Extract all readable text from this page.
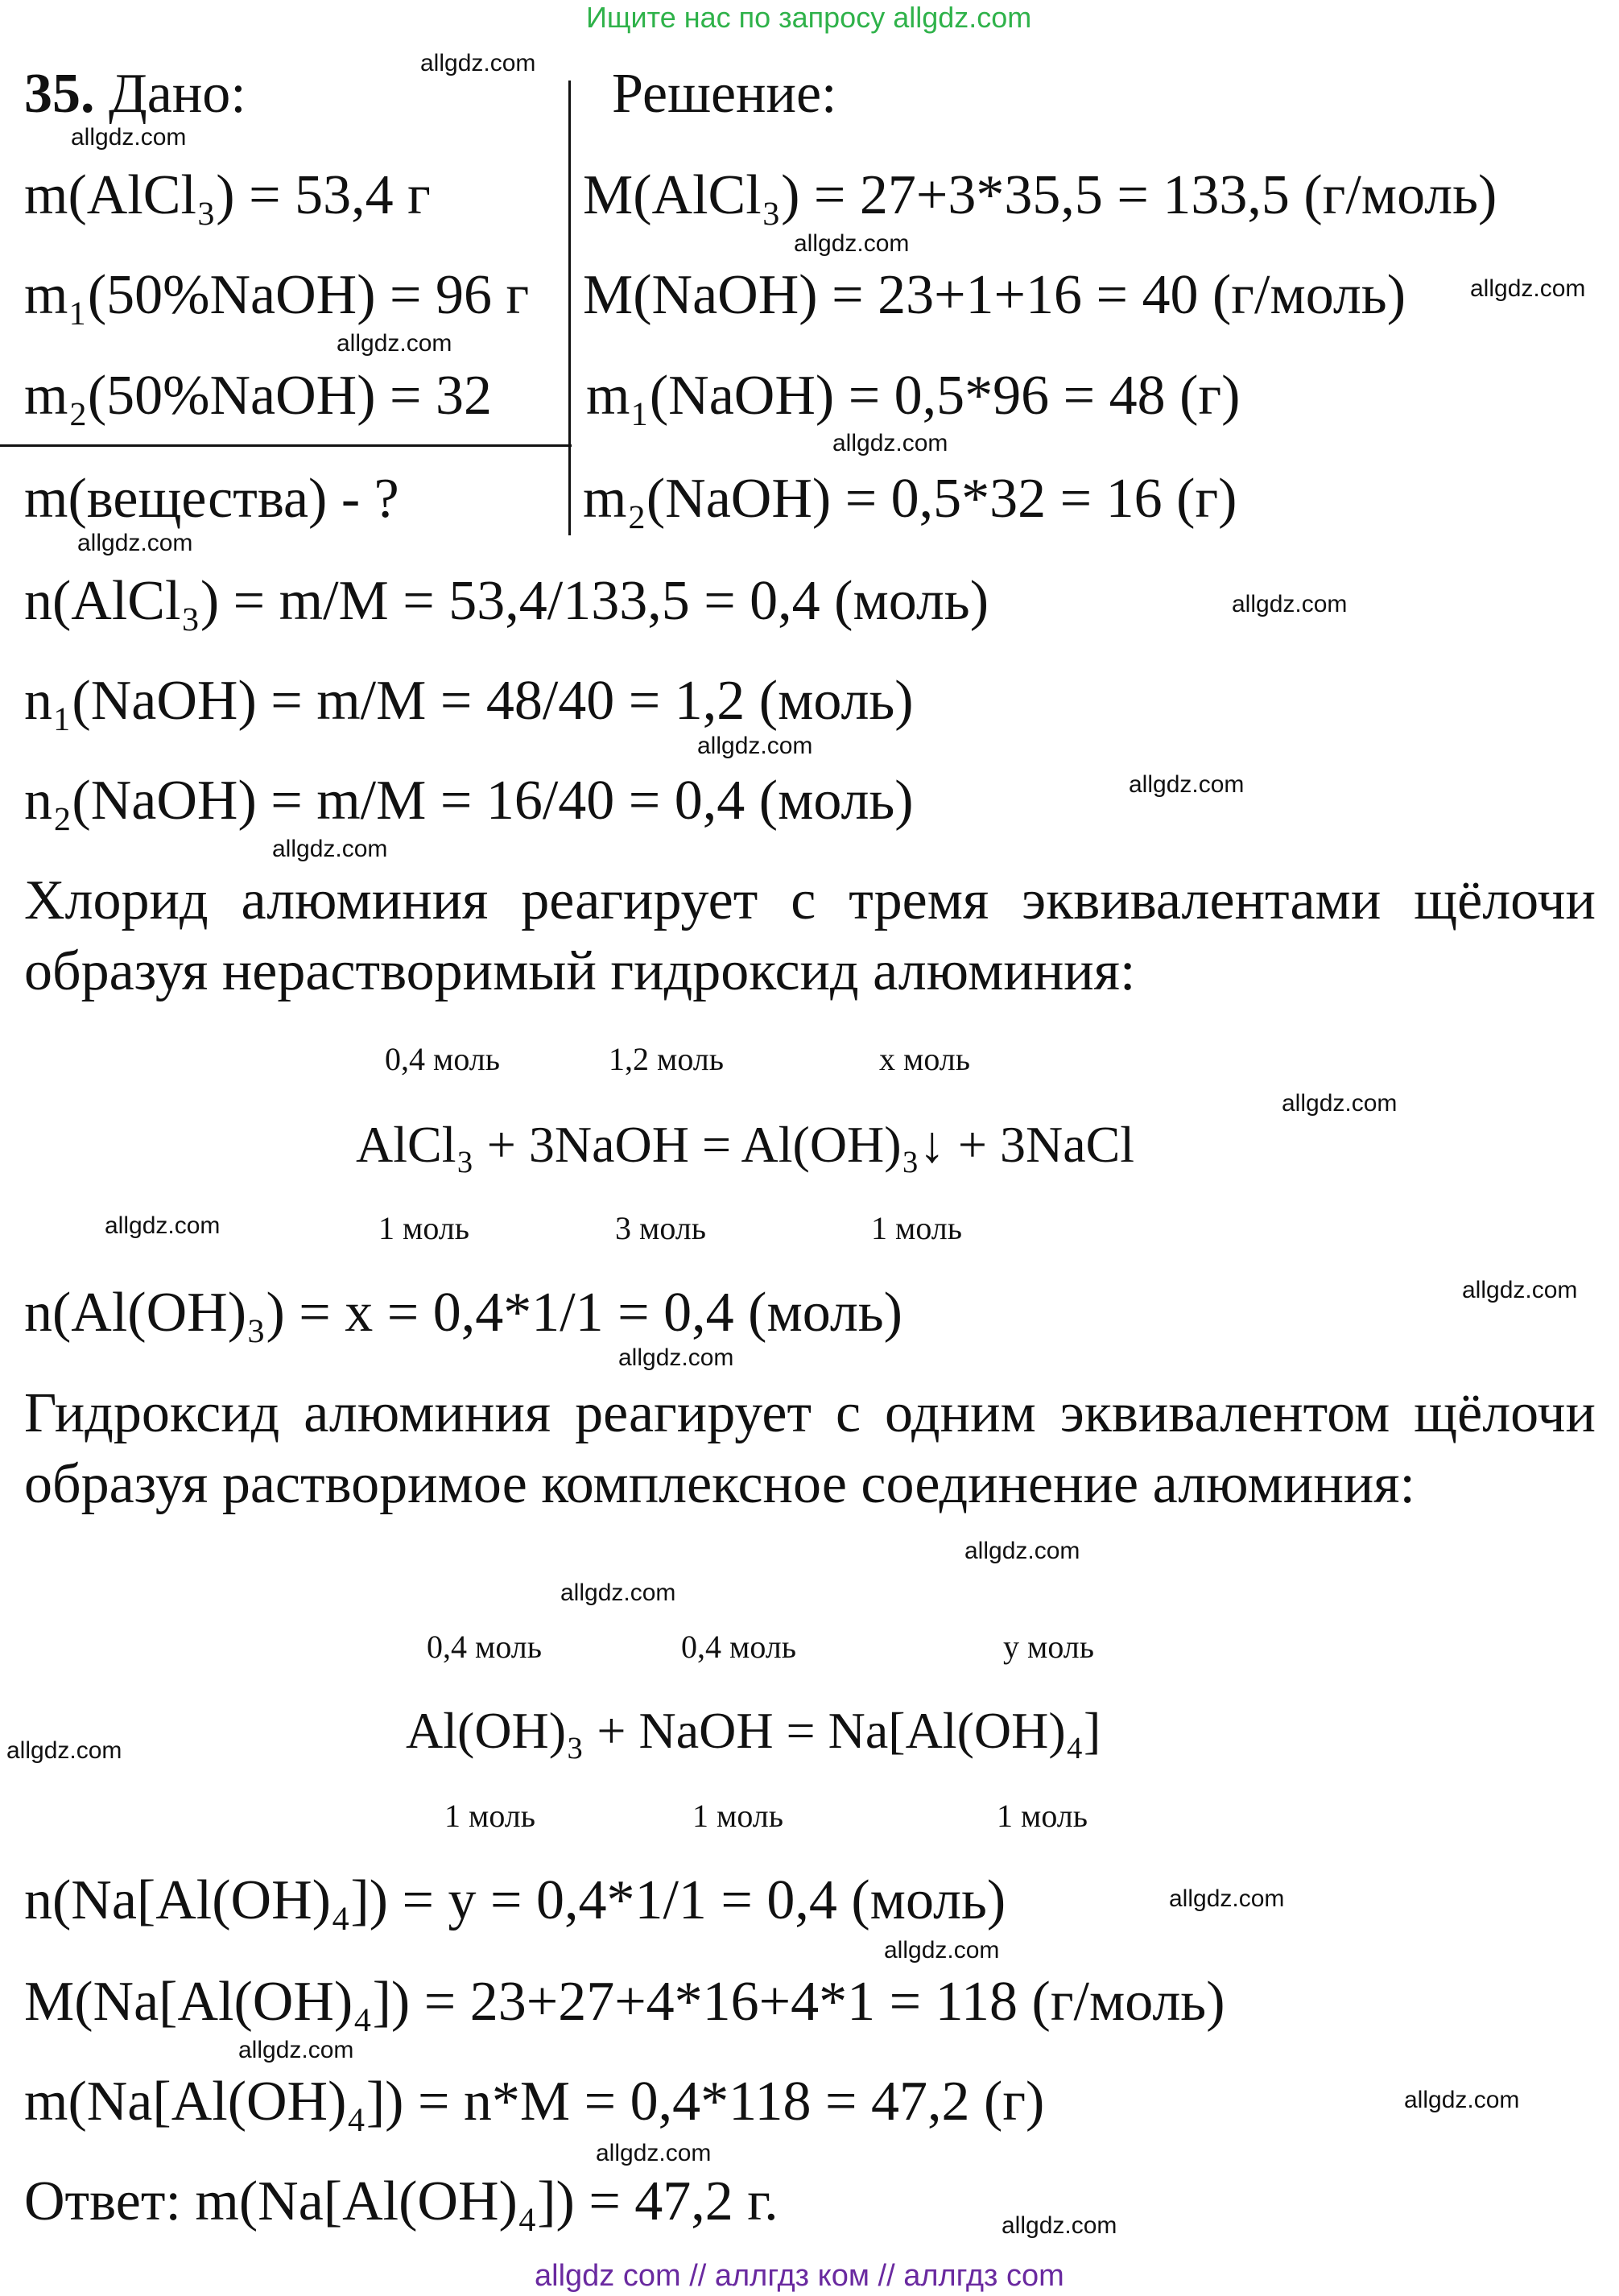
Ищите нас по запросу allgdz.com
35. Дано:	Решение:
m(AlCl₃) = 53,4 г
m₁(50%NaOH) = 96 г
m₂(50%NaOH) = 32
m(вещества) - ?
M(AlCl₃) = 27+3*35,5 = 133,5 (г/моль)
M(NaOH) = 23+1+16 = 40 (г/моль)
m₁(NaOH) = 0,5*96 = 48 (г)
m₂(NaOH) = 0,5*32 = 16 (г)
n(AlCl₃) = m/M = 53,4/133,5 = 0,4 (моль)
n₁(NaOH) = m/M = 48/40 = 1,2 (моль)
n₂(NaOH) = m/M = 16/40 = 0,4 (моль)
Хлорид алюминия реагирует с тремя эквивалентами щёлочи образуя нерастворимый гидроксид алюминия:
0,4 моль	1,2 моль	x моль
AlCl₃ + 3NaOH = Al(OH)₃↓ + 3NaCl
1 моль	3 моль	1 моль
n(Al(OH)₃) = x = 0,4*1/1 = 0,4 (моль)
Гидроксид алюминия реагирует с одним эквивалентом щёлочи образуя растворимое комплексное соединение алюминия:
0,4 моль	0,4 моль	у моль
Al(OH)₃ + NaOH = Na[Al(OH)₄]
1 моль	1 моль	1 моль
n(Na[Al(OH)₄]) = у = 0,4*1/1 = 0,4 (моль)
M(Na[Al(OH)₄]) = 23+27+4*16+4*1 = 118 (г/моль)
m(Na[Al(OH)₄]) = n*M = 0,4*118 = 47,2 (г)
Ответ: m(Na[Al(OH)₄]) = 47,2 г.
allgdz.com
allgdz.com
allgdz.com
allgdz.com
allgdz.com
allgdz.com
allgdz.com
allgdz.com
allgdz.com
allgdz.com
allgdz.com
allgdz.com
allgdz.com
allgdz.com
allgdz.com
allgdz.com
allgdz.com
allgdz.com
allgdz.com
allgdz.com
allgdz.com
allgdz.com
allgdz.com
allgdz.com
allgdz com // аллгдз ком // аллгдз com
